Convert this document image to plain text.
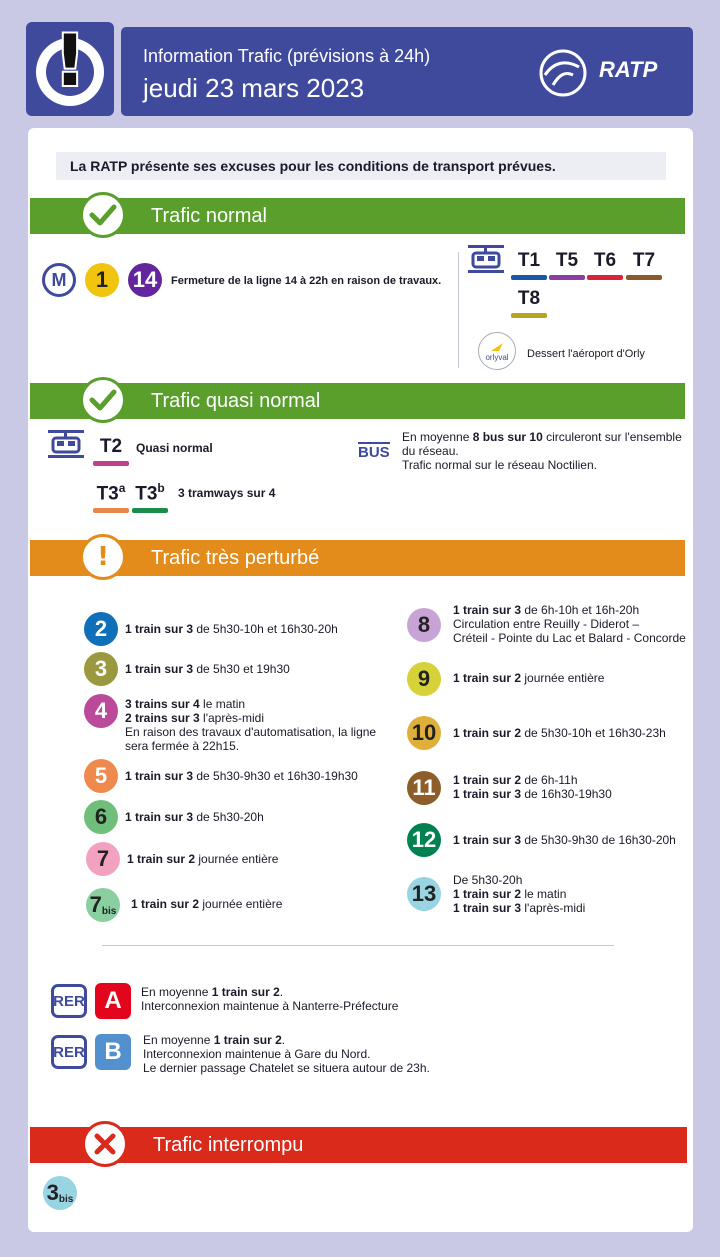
!	Information Trafic (prévisions à 24h)
jeudi 23 mars 2023
RATP
La RATP présente ses excuses pour les conditions de transport prévues.
Trafic normal
M	1	14	Fermeture de la ligne 14 à 22h en raison de travaux.
T1 T5 T6 T7
T8
orlyval Dessert l'aéroport d'Orly
Trafic quasi normal
T2	Quasi normal
T3$^a$ T3$^b$ 3 tramways sur 4
BUS
En moyenne 8 bus sur 10 circuleront sur l'ensemble du réseau.
Trafic normal sur le réseau Noctilien.
Trafic très perturbé
!
2	1 train sur 3 de 5h30-10h et 16h30-20h
3	1 train sur 3 de 5h30 et 19h30
4	3 trains sur 4 le matin
2 trains sur 3 l'après-midi
En raison des travaux d'automatisation, la ligne sera fermée à 22h15.
5	1 train sur 3 de 5h30-9h30 et 16h30-19h30
6	1 train sur 3 de 5h30-20h
7	1 train sur 2 journée entière
$7_{bis}$ 1 train sur 2 journée entière
8
1 train sur 3 de 6h-10h et 16h-20h
Circulation entre Reuilly - Diderot –
Créteil - Pointe du Lac et Balard - Concorde
9	1 train sur 2 journée entière
10	1 train sur 2 de 5h30-10h et 16h30-23h
11	1 train sur 2 de 6h-11h
1 train sur 3 de 16h30-19h30
12	1 train sur 3 de 5h30-9h30 de 16h30-20h
13
De 5h30-20h
1 train sur 2 le matin
1 train sur 3 l'après-midi
RER A	En moyenne 1 train sur 2.
Interconnexion maintenue à Nanterre-Préfecture
RER B	En moyenne 1 train sur 2.
Interconnexion maintenue à Gare du Nord.
Le dernier passage Chatelet se situera autour de 23h.
Trafic interrompu
$3_{bis}$
